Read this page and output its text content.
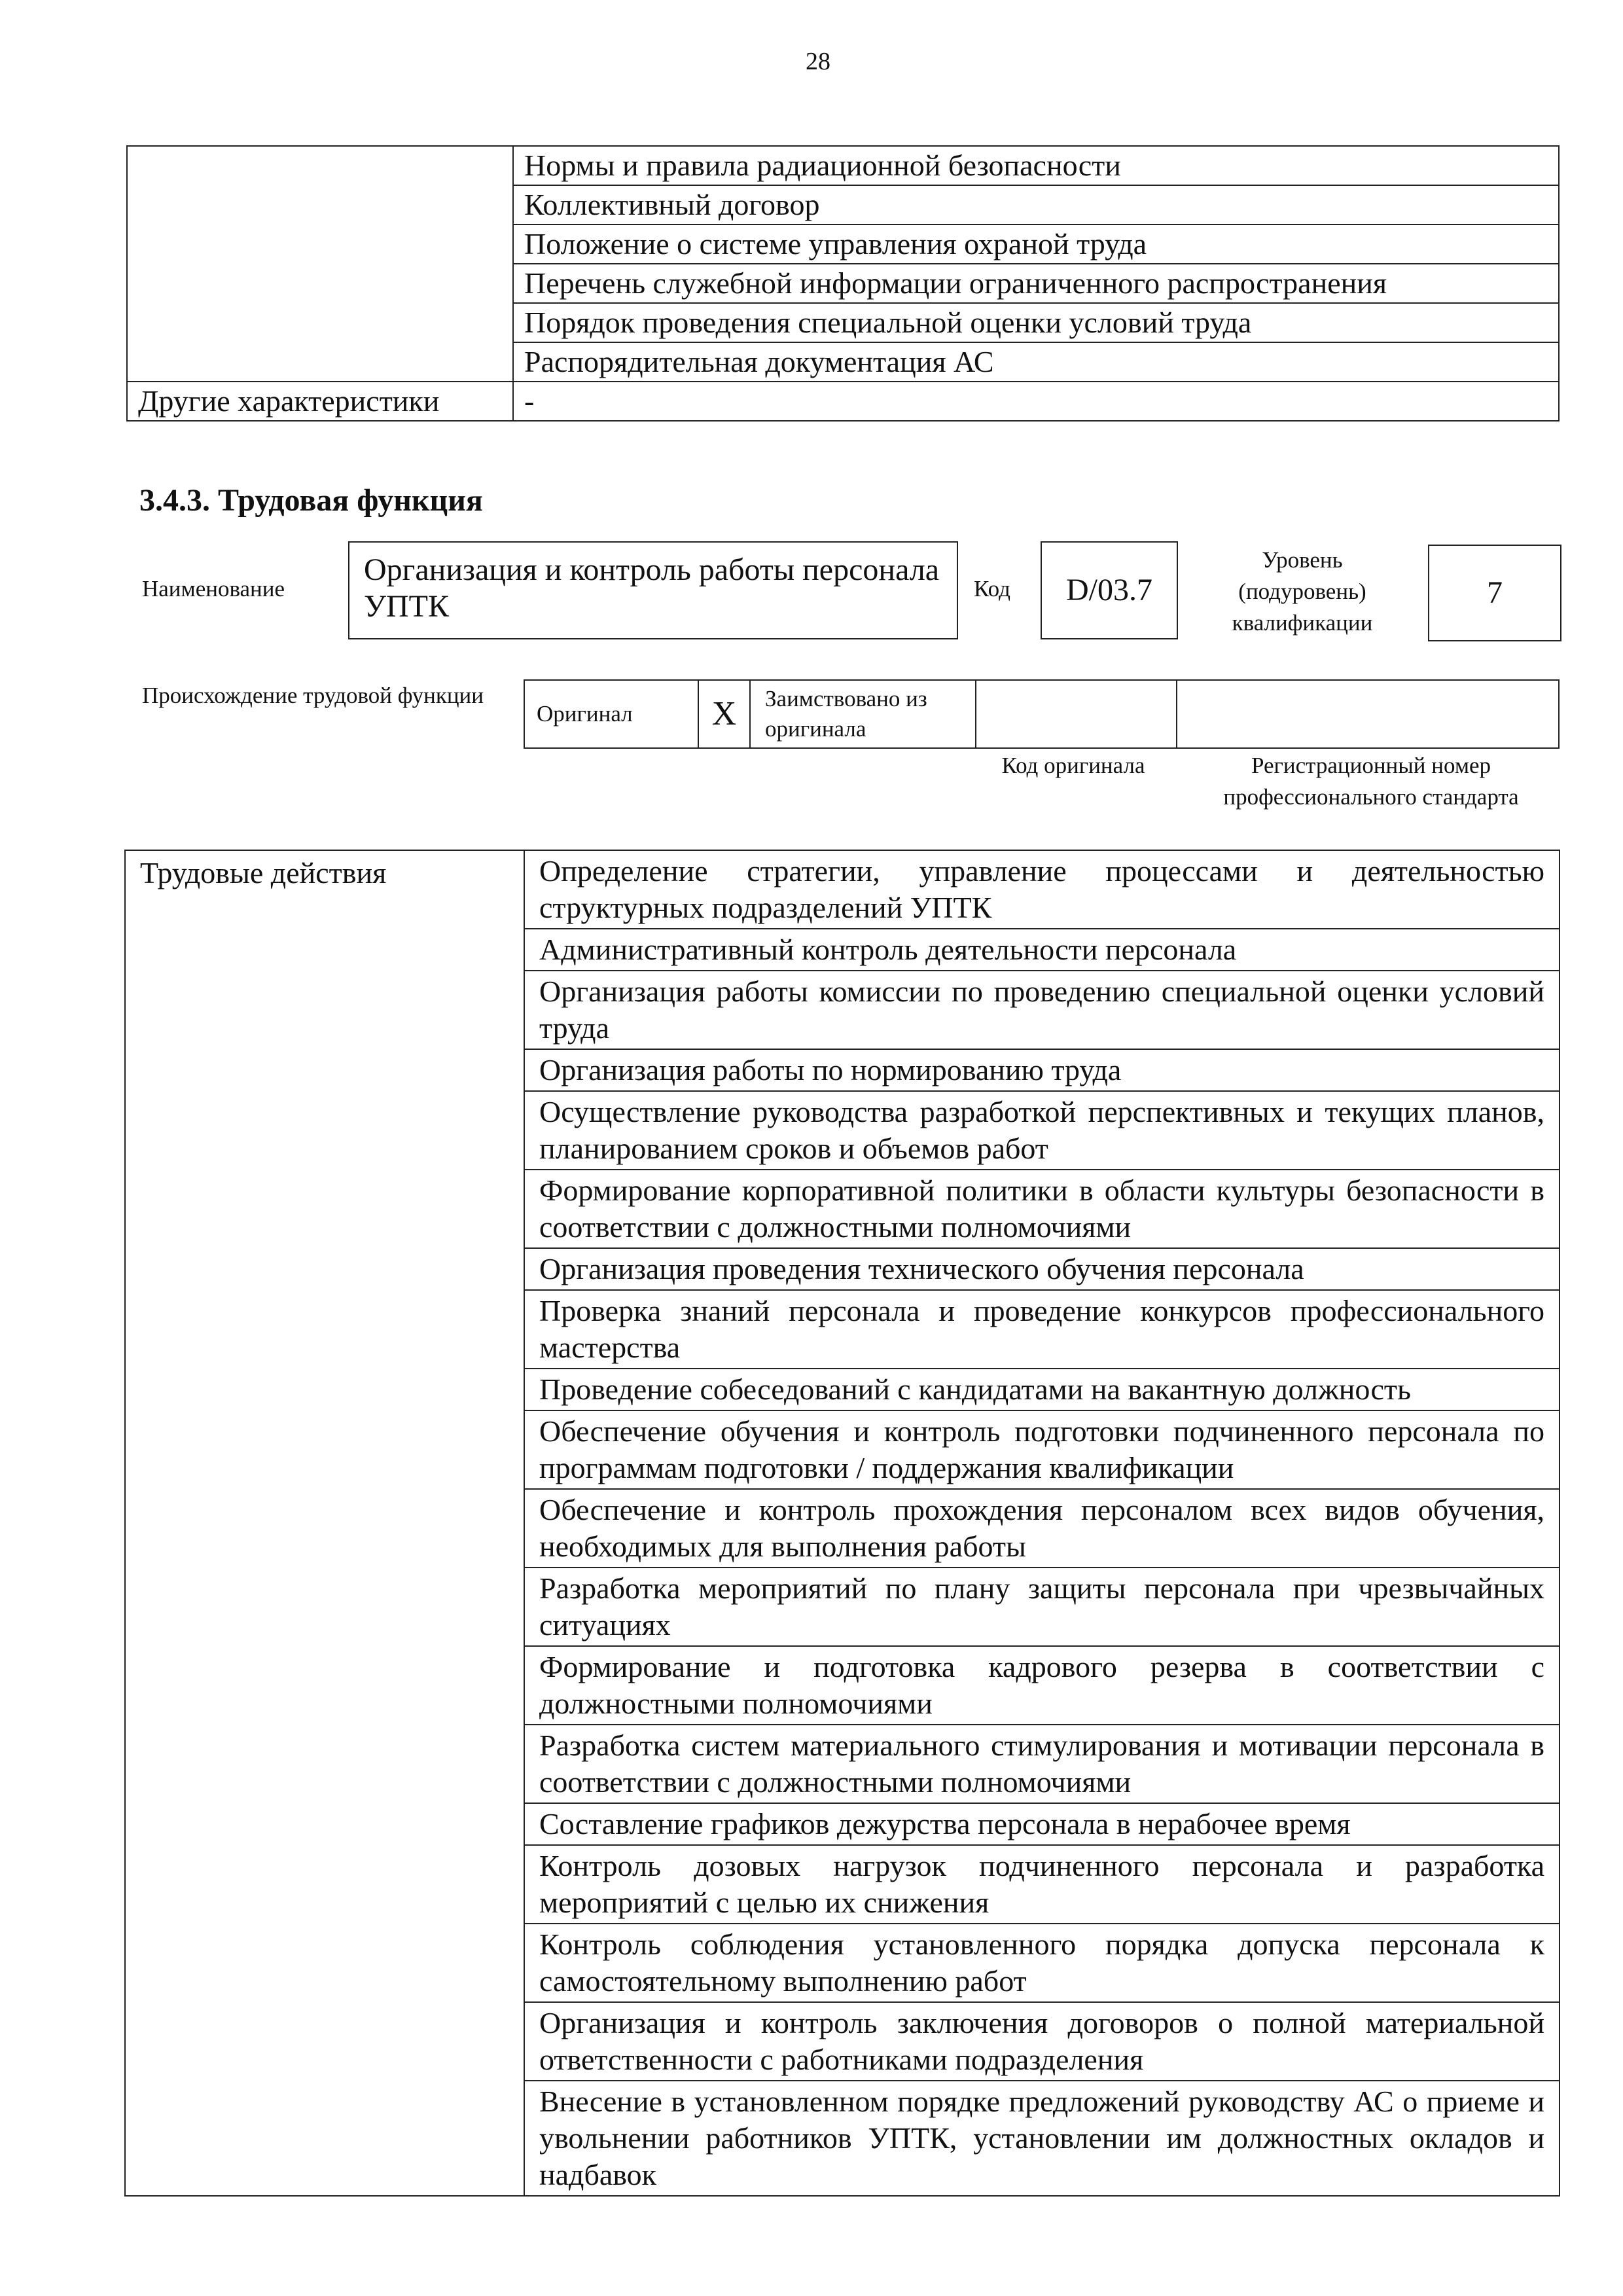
28
	Нормы и правила радиационной безопасности
	Коллективный договор
	Положение о системе управления охраной труда
	Перечень служебной информации ограниченного распространения
	Порядок проведения специальной оценки условий труда
	Распорядительная документация АС
Другие характеристики	-
3.4.3. Трудовая функция
Наименование
Организация и контроль работы персонала УПТК
Код	D/03.7
Уровень (подуровень) квалификации
7
Происхождение трудовой функции
Оригинал	X	Заимствовано из оригинала		
Код оригинала	Регистрационный номер профессионального стандарта
Трудовые действия	Определение стратегии, управление процессами и деятельностью структурных подразделений УПТК
Административный контроль деятельности персонала
Организация работы комиссии по проведению специальной оценки условий труда
Организация работы по нормированию труда
Осуществление руководства разработкой перспективных и текущих планов, планированием сроков и объемов работ
Формирование корпоративной политики в области культуры безопасности в соответствии с должностными полномочиями
Организация проведения технического обучения персонала
Проверка знаний персонала и проведение конкурсов профессионального мастерства
Проведение собеседований с кандидатами на вакантную должность
Обеспечение обучения и контроль подготовки подчиненного персонала по программам подготовки / поддержания квалификации
Обеспечение и контроль прохождения персоналом всех видов обучения, необходимых для выполнения работы
Разработка мероприятий по плану защиты персонала при чрезвычайных ситуациях
Формирование и подготовка кадрового резерва в соответствии с должностными полномочиями
Разработка систем материального стимулирования и мотивации персонала в соответствии с должностными полномочиями
Составление графиков дежурства персонала в нерабочее время
Контроль дозовых нагрузок подчиненного персонала и разработка мероприятий с целью их снижения
Контроль соблюдения установленного порядка допуска персонала к самостоятельному выполнению работ
Организация и контроль заключения договоров о полной материальной ответственности с работниками подразделения
Внесение в установленном порядке предложений руководству АС о приеме и увольнении работников УПТК, установлении им должностных окладов и надбавок
